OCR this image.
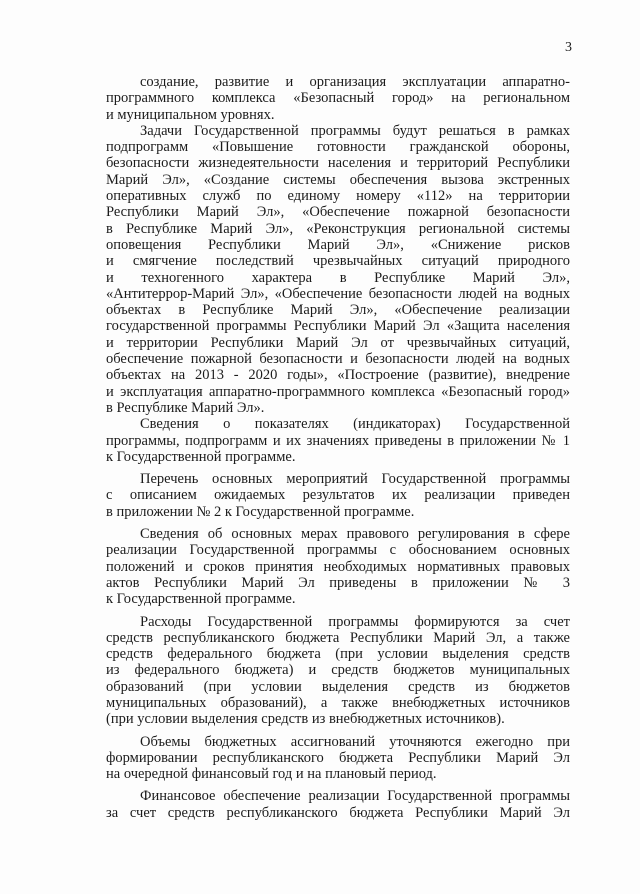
3
создание, развитие и организация эксплуатации аппаратно-
программного комплекса «Безопасный город» на региональном
и муниципальном уровнях.
Задачи Государственной программы будут решаться в рамках
подпрограмм «Повышение готовности гражданской обороны,
безопасности жизнедеятельности населения и территорий Республики
Марий Эл», «Создание системы обеспечения вызова экстренных
оперативных служб по единому номеру «112» на территории
Республики Марий Эл», «Обеспечение пожарной безопасности
в Республике Марий Эл», «Реконструкция региональной системы
оповещения Республики Марий Эл», «Снижение рисков
и смягчение последствий чрезвычайных ситуаций природного
и техногенного характера в Республике Марий Эл»,
«Антитеррор-Марий Эл», «Обеспечение безопасности людей на водных
объектах в Республике Марий Эл», «Обеспечение реализации
государственной программы Республики Марий Эл «Защита населения
и территории Республики Марий Эл от чрезвычайных ситуаций,
обеспечение пожарной безопасности и безопасности людей на водных
объектах на 2013 - 2020 годы», «Построение (развитие), внедрение
и эксплуатация аппаратно-программного комплекса «Безопасный город»
в Республике Марий Эл».
Сведения о показателях (индикаторах) Государственной
программы, подпрограмм и их значениях приведены в приложении № 1
к Государственной программе.
Перечень основных мероприятий Государственной программы
с описанием ожидаемых результатов их реализации приведен
в приложении № 2 к Государственной программе.
Сведения об основных мерах правового регулирования в сфере
реализации Государственной программы с обоснованием основных
положений и сроков принятия необходимых нормативных правовых
актов Республики Марий Эл приведены в приложении № 3
к Государственной программе.
Расходы Государственной программы формируются за счет
средств республиканского бюджета Республики Марий Эл, а также
средств федерального бюджета (при условии выделения средств
из федерального бюджета) и средств бюджетов муниципальных
образований (при условии выделения средств из бюджетов
муниципальных образований), а также внебюджетных источников
(при условии выделения средств из внебюджетных источников).
Объемы бюджетных ассигнований уточняются ежегодно при
формировании республиканского бюджета Республики Марий Эл
на очередной финансовый год и на плановый период.
Финансовое обеспечение реализации Государственной программы
за счет средств республиканского бюджета Республики Марий Эл
